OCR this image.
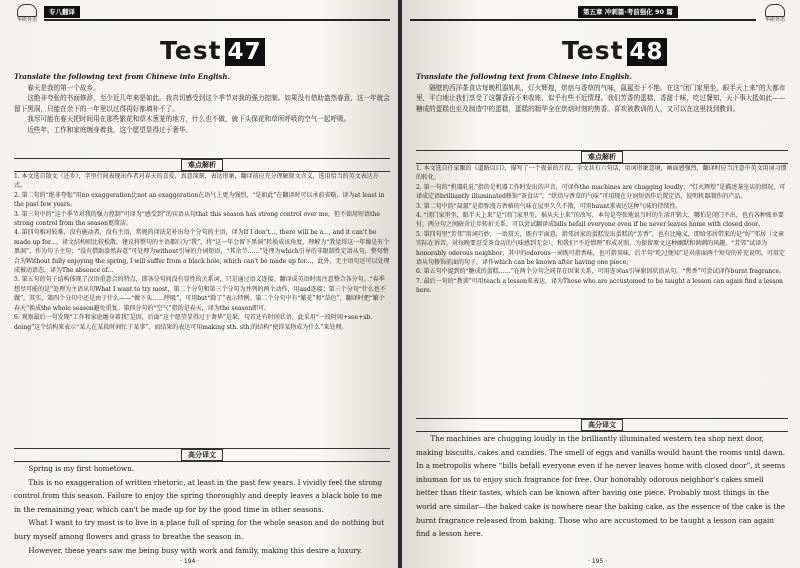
华研外语
专八翻译
Test 47

Translate the following text from Chinese into English.

春天是我的第一个故乡。

这绝非夸张的书面修辞，至少近几年来是如此。我真切感受到这个季节对我的强力控制。如果没有借助盎然春意，这一年就会留下黑洞，只能在余下的一年里以过得再好都填补不了。

我尽可能在春天把时间用在那些繁花和草木葱茏的地方，什么也不做，就下头保花和草所呼吸的空气一起呼吸。

近些年，工作和家庭缠身着我，这个愿望显得过于奢华。

难点解析

1. 本文选自散文（还乡），字里行间表现出作者对春天的喜爱，真意深刻，表达形象，翻译前应充分理解原文含义，选用恰当的英文表达方式。

2. 第二句的“绝非夸张”用no exaggeration比not an exaggeration在语气上更为强烈，“是如此”在翻译时可以承前省略，译为at least in the past few years。

3. 第三句中的“这个季节对我的强力控制”可译为“感受到”的宾语从句that this season has strong control over me，但不如用短语the strong control from the season更简洁。

4. 第四句相对较难，没有施动者，没有主语，常规的译法是补出每个分句的主语，译为If I don't..., there will be a..., and it can't be made up for...，译文结构则比较松散。建议将整句的主语都归为“我”，将“这一年会留下黑洞”转换成该角度，理解为“我觉得这一年像是有个黑洞”，作为句子主句；“没有借助盎然春意”可处理为without引导的介词短语，“其余节……”处理为which引导的非限制性定语从句，整句整合为Without fully enjoying the spring, I will suffer from a black hole, which can't be made up for...，此外，无主语句还可以处理成被动语态，译为The absence of...

5. 第五句的句子结构体现了汉语重意合的特点，即各分句间没有显性的关系词，只是通过语义连接。翻译成英语时需注意整合各分句。“春季想尽可能的是”处理为主语从句What I want to try most，第二个分句和第三个分句为并列的两个动作，用and连接；第三个分句“什么也不做”。其实，第四个分句中还是由于什么——“做下头……呼吸”，可用but“除了”表示特例。第二个分句中有“繁花”和“草色”，翻译时把“繁个春天”换成the whole season避免重复。第四分句的“空气”指的是春天，译为the season即可。

6. 观察最后一句发现“工作和家庭缠身着我”是因，后面“这个愿望显得过于奢华”是果，句首还有时间状语，此采用“一段时间+see+sb. doing”这个结构来表示“某人在某段时间忙于某事”，而结果的表达可用making sth. sth.的结构“使得某物成为什么”来处理。

高分译文

Spring is my first hometown.

This is no exaggeration of written rhetoric, at least in the past few years. I vividly feel the strong control from this season. Failure to enjoy the spring thoroughly and deeply leaves a black hole to me in the remaining year, which can't be made up for by the good time in other seasons.

What I want to try most is to live in a place full of spring for the whole season and do nothing but bury myself among flowers and grass to breathe the season in.

However, these years saw me being busy with work and family, making this desire a luxury.

· 194 ·
第五章 冲刺篇·考前强化 90 篇
华研外语
Test 48

Translate the following text from Chinese into English.

隔壁的西洋茶食店每晚机器轧轧，灯火辉煌，烘焙与香草的气味，氤氲至于不绝。在这“闭门家里坐，眼半天上来”的大都市里，平白地让我们享受了这馨香而不来收账，似乎有些不近情理。我们芳香的蛋糕，香甜十味，吃过餐知，天下事大抵如此——糖成的蛋糕也至及制造中的蛋糕，蛋糕的精华全在烘焙时刻的焦香。喜欢被教训的人，又可以在这里找到教训。

难点解析

1. 本文选自任家顺的《道路以目》，描写了一个夜景的片段。全文共有六句话，用词形象意境，画面感强烈，翻译时应当注意中英文用词习惯的转化。

2. 第一句的“机器轧轧”指的是机器工作时发出的声音，可译作the machines are chugging loudly，“灯火辉煌”是描述茶室店的情况，可译成定语brilliantly illuminated修饰“茶食店”，“烘焙与香草的气味”可用现在分词短语作后置定语，说明机器制作的产品。

3. 第二句中的“氤氲”是指弥漫方香椿的气味在屋里久久不散，可用haunt来表达这种气味的持续性。

4. “闭门家里坐，眼半天上来”是“闭门家里坐，祸从天上来”的改写，本句是夸张地说当时的生活开销大，哪怕是闭门不出，也有各种账单要付，两分句之间暗含让步转折关系，可以尝试翻译成bills befall everyone even if he never leaves home with closed door。

5. 第四句里“芳邻”用词巧妙，一语双关，既有字面意，指邻居家的蛋糕发出蛋糕的“芳香”，也有比喻义，即给邻居带来的是“好”邻居（文章实际在诉苦，对每晚要忍受茶食店的气味感到无奈），和我们“不近情理”形成对照，为保留原文这种幽默和讽刺的风趣，“芳邻”试译为honorably odorous neighbor，其中的odorous一词既可指香味，也可指臭味，后半句“吃过便知”是对前面两个短句的补充说明，可用定语从句修饰前面的句子，译作which can be known after having one piece。

6. 第五句中提到的“糖成的蛋糕……”在两个分句之间存在因果关系，可用连词as引导原因状语从句。“焦香”可尝试译作burnt fragrance。

7. 最后一句的“教训”可用teach a lesson来表达，译为Those who are accustomed to be taught a lesson can again find a lesson here.

高分译文

The machines are chugging loudly in the brilliantly illuminated western tea shop next door, making biscuits, cakes and candies. The smell of eggs and vanilla would haunt the rooms until dawn. In a metropolis where “bills befall everyone even if he never leaves home with closed door”, it seems inhuman for us to enjoy such fragrance for free. Our honorably odorous neighbor's cakes smell better than their tastes, which can be known after having one piece. Probably most things in the world are similar—the baked cake is nowhere near the baking cake, as the essence of the cake is the burnt fragrance released from baking. Those who are accustomed to be taught a lesson can again find a lesson here.

· 195 ·
